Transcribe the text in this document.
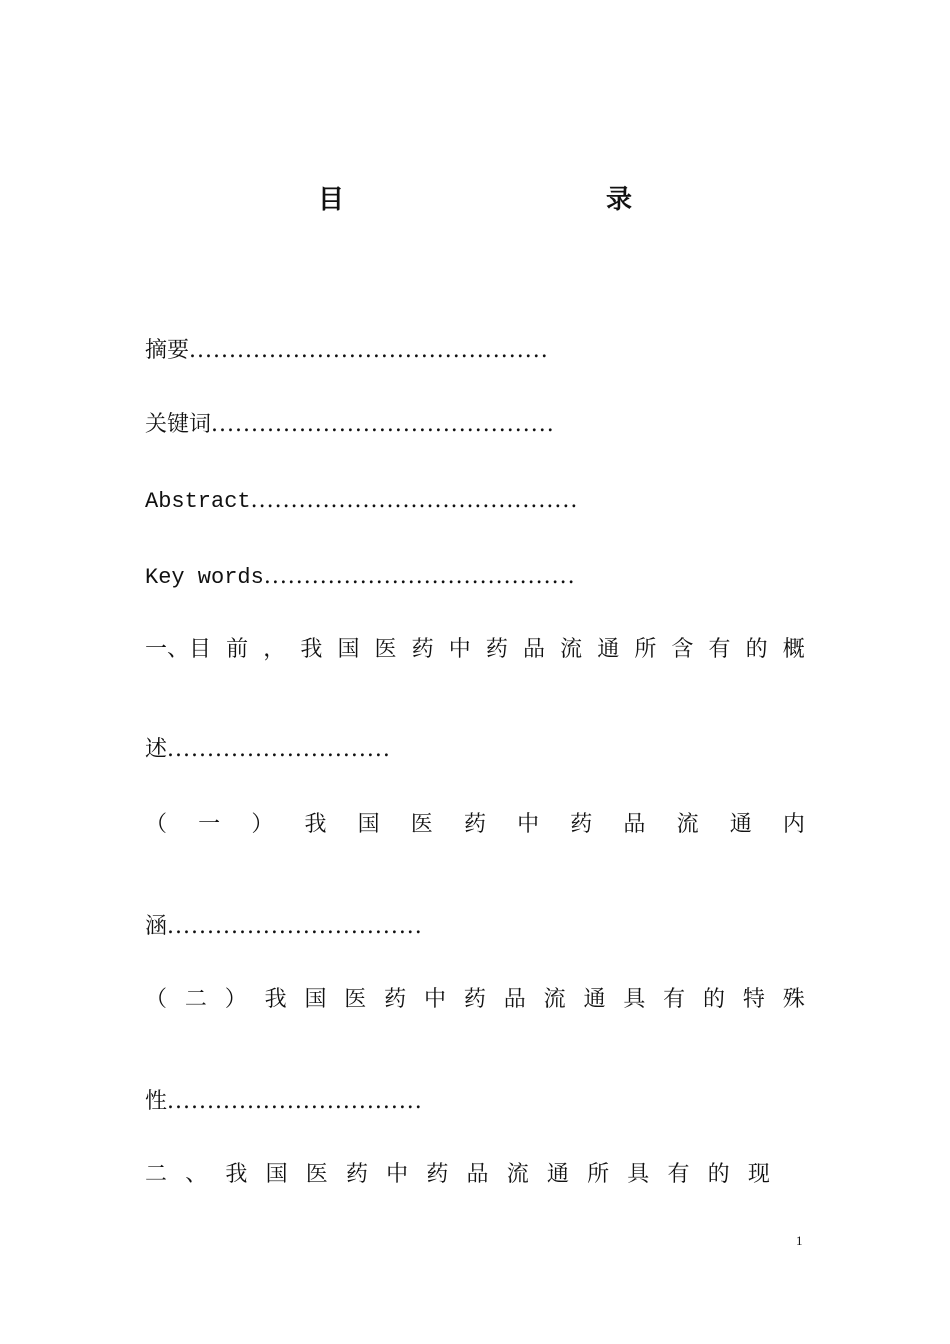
目　　录
摘要.............................................
关键词...........................................
Abstract.........................................
Key words.......................................
一、目 前 ， 我 国 医 药 中 药 品 流 通 所 含 有 的 概
述............................
（ 一 ） 我 国 医 药 中 药 品 流 通 内
涵................................
（ 二 ） 我 国 医 药 中 药 品 流 通 具 有 的 特 殊
性................................
二 、 我 国 医 药 中 药 品 流 通 所 具 有 的 现
1
